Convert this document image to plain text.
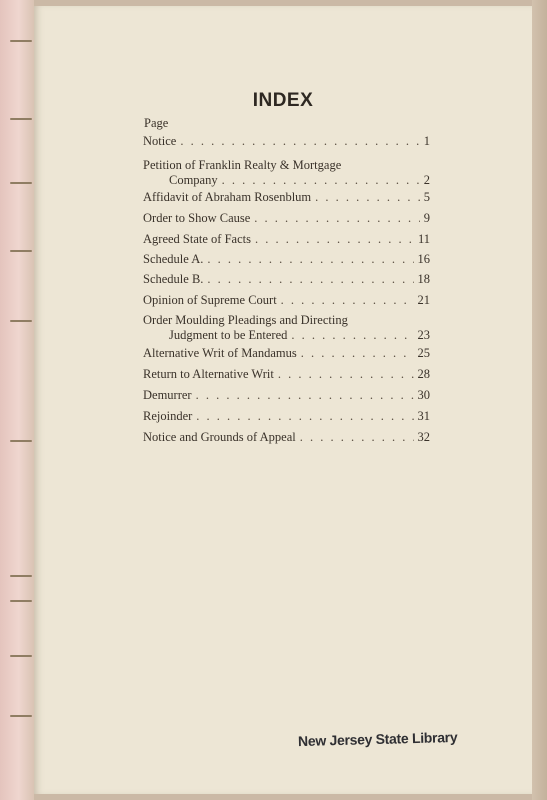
INDEX
Page
Notice . . .	1
Petition of Franklin Realty & Mortgage
Company . . .	2
Affidavit of Abraham Rosenblum . . .	5
Order to Show Cause . . .	9
Agreed State of Facts . . .	11
Schedule A. . . .	16
Schedule B. . . .	18
Opinion of Supreme Court . . .	21
Order Moulding Pleadings and Directing
Judgment to be Entered . . .	23
Alternative Writ of Mandamus . . .	25
Return to Alternative Writ . . .	28
Demurrer . . .	30
Rejoinder . . .	31
Notice and Grounds of Appeal . . .	32
New Jersey State Library
